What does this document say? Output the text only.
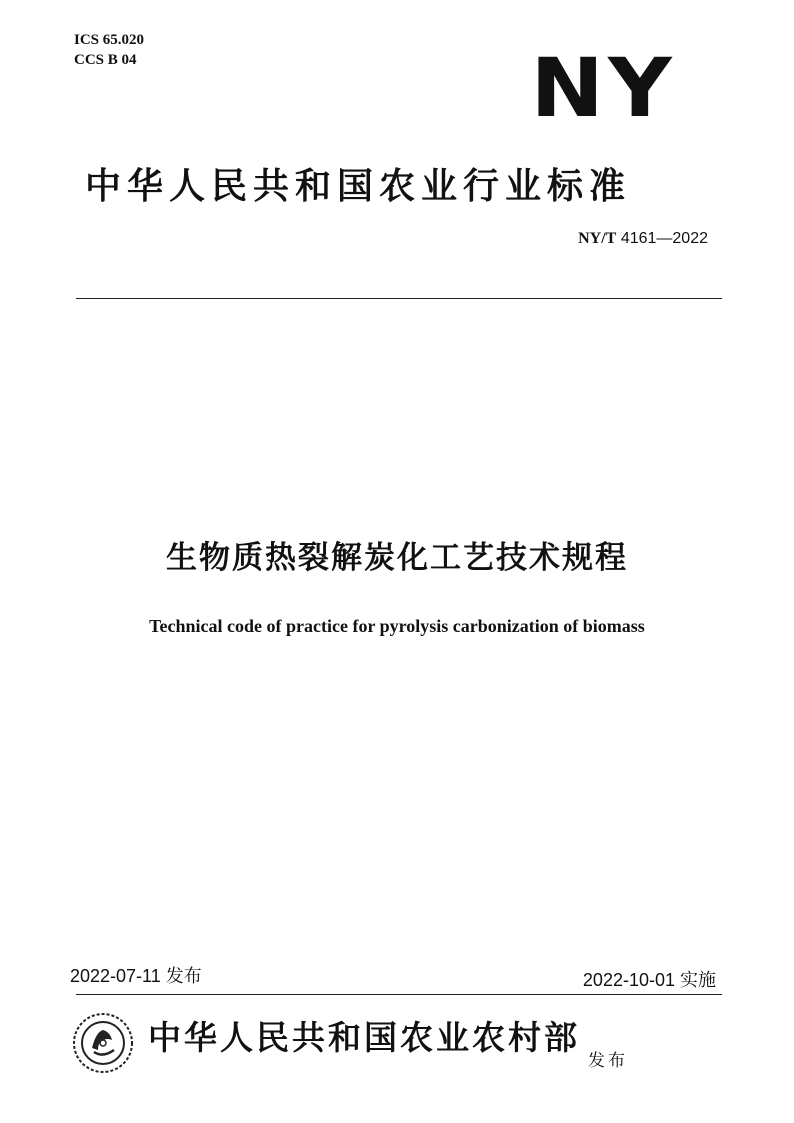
ICS 65.020
CCS B 04	NY
中华人民共和国农业行业标准
NY/T 4161—2022
生物质热裂解炭化工艺技术规程
Technical code of practice for pyrolysis carbonization of biomass
2022-07-11 发布	2022-10-01 实施
中华人民共和国农业农村部
发布
